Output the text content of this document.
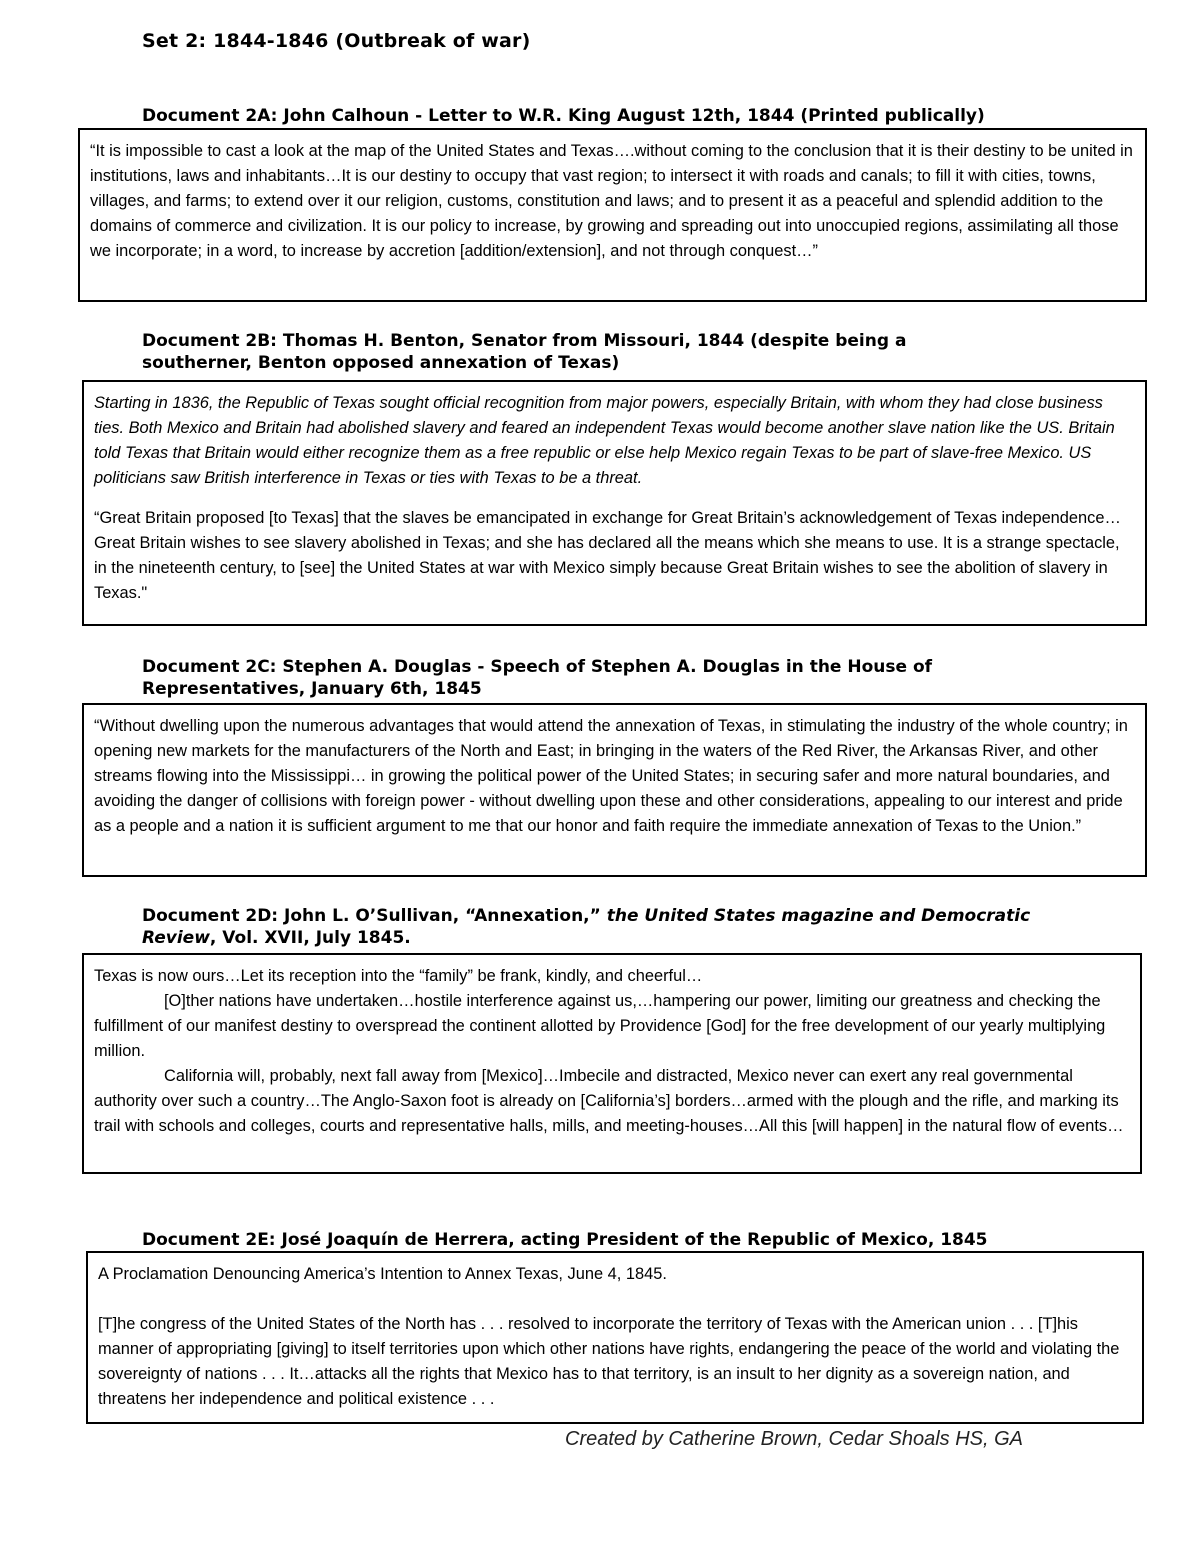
Set 2: 1844-1846 (Outbreak of war)
Document 2A: John Calhoun - Letter to W.R. King August 12th, 1844 (Printed publically)

“It is impossible to cast a look at the map of the United States and Texas….without coming to the conclusion that it is their destiny to be united in institutions, laws and inhabitants…It is our destiny to occupy that vast region; to intersect it with roads and canals; to fill it with cities, towns, villages, and farms; to extend over it our religion, customs, constitution and laws; and to present it as a peaceful and splendid addition to the domains of commerce and civilization. It is our policy to increase, by growing and spreading out into unoccupied regions, assimilating all those we incorporate; in a word, to increase by accretion [addition/extension], and not through conquest…”

Document 2B: Thomas H. Benton, Senator from Missouri, 1844 (despite being a southerner, Benton opposed annexation of Texas)

Starting in 1836, the Republic of Texas sought official recognition from major powers, especially Britain, with whom they had close business ties. Both Mexico and Britain had abolished slavery and feared an independent Texas would become another slave nation like the US. Britain told Texas that Britain would either recognize them as a free republic or else help Mexico regain Texas to be part of slave-free Mexico. US politicians saw British interference in Texas or ties with Texas to be a threat.

“Great Britain proposed [to Texas] that the slaves be emancipated in exchange for Great Britain’s acknowledgement of Texas independence…Great Britain wishes to see slavery abolished in Texas; and she has declared all the means which she means to use. It is a strange spectacle, in the nineteenth century, to [see] the United States at war with Mexico simply because Great Britain wishes to see the abolition of slavery in Texas."

Document 2C: Stephen A. Douglas - Speech of Stephen A. Douglas in the House of Representatives, January 6th, 1845

“Without dwelling upon the numerous advantages that would attend the annexation of Texas, in stimulating the industry of the whole country; in opening new markets for the manufacturers of the North and East; in bringing in the waters of the Red River, the Arkansas River, and other streams flowing into the Mississippi… in growing the political power of the United States; in securing safer and more natural boundaries, and avoiding the danger of collisions with foreign power - without dwelling upon these and other considerations, appealing to our interest and pride as a people and a nation it is sufficient argument to me that our honor and faith require the immediate annexation of Texas to the Union.”

Document 2D: John L. O’Sullivan, “Annexation,” the United States magazine and Democratic Review, Vol. XVII, July 1845.

Texas is now ours…Let its reception into the “family” be frank, kindly, and cheerful…

[O]ther nations have undertaken…hostile interference against us,…hampering our power, limiting our greatness and checking the fulfillment of our manifest destiny to overspread the continent allotted by Providence [God] for the free development of our yearly multiplying million.

California will, probably, next fall away from [Mexico]…Imbecile and distracted, Mexico never can exert any real governmental authority over such a country…The Anglo-Saxon foot is already on [California’s] borders…armed with the plough and the rifle, and marking its trail with schools and colleges, courts and representative halls, mills, and meeting-houses…All this [will happen] in the natural flow of events…

Document 2E: José Joaquín de Herrera, acting President of the Republic of Mexico, 1845

A Proclamation Denouncing America’s Intention to Annex Texas, June 4, 1845.

[T]he congress of the United States of the North has . . . resolved to incorporate the territory of Texas with the American union . . . [T]his manner of appropriating [giving] to itself territories upon which other nations have rights, endangering the peace of the world and violating the sovereignty of nations . . . It…attacks all the rights that Mexico has to that territory, is an insult to her dignity as a sovereign nation, and threatens her independence and political existence . . .

Created by Catherine Brown, Cedar Shoals HS, GA
